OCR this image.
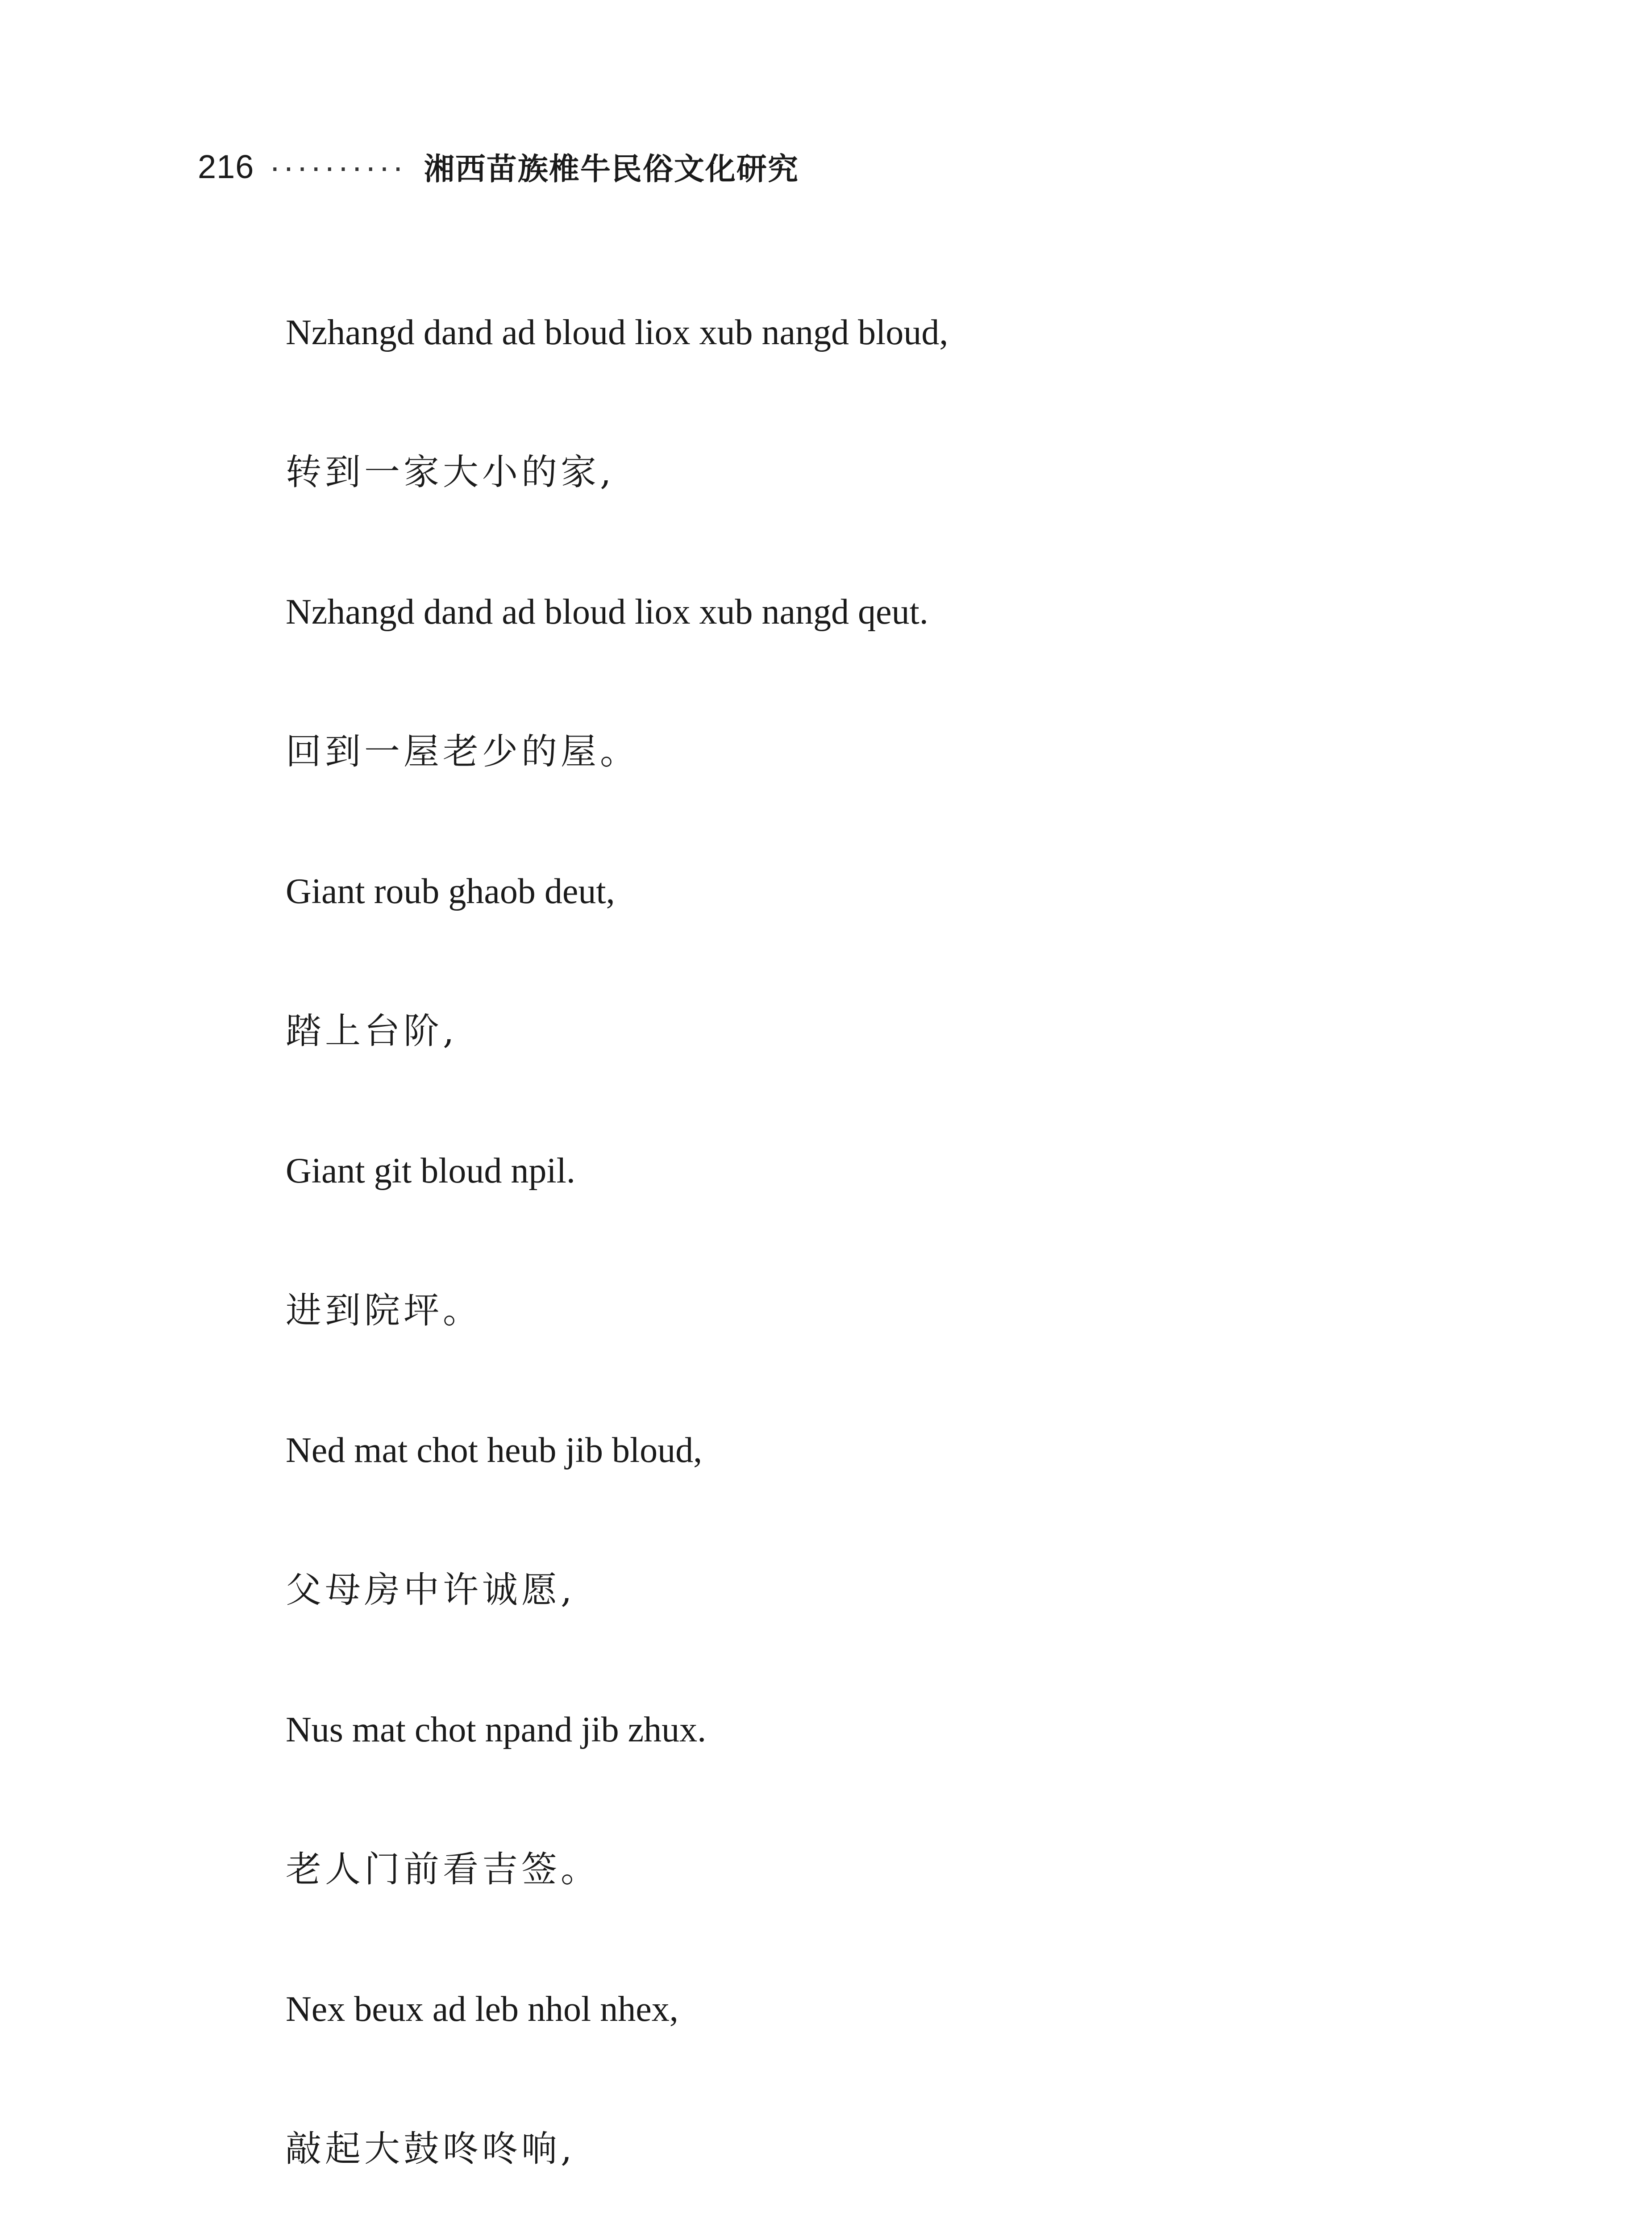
216 ·········· 湘西苗族椎牛民俗文化研究
Nzhangd dand ad bloud liox xub nangd bloud,
转到一家大小的家,
Nzhangd dand ad bloud liox xub nangd qeut.
回到一屋老少的屋。
Giant roub ghaob deut,
踏上台阶,
Giant git bloud npil.
进到院坪。
Ned mat chot heub jib bloud,
父母房中许诚愿,
Nus mat chot npand jib zhux.
老人门前看吉签。
Nex beux ad leb nhol nhex,
敲起大鼓咚咚响,
